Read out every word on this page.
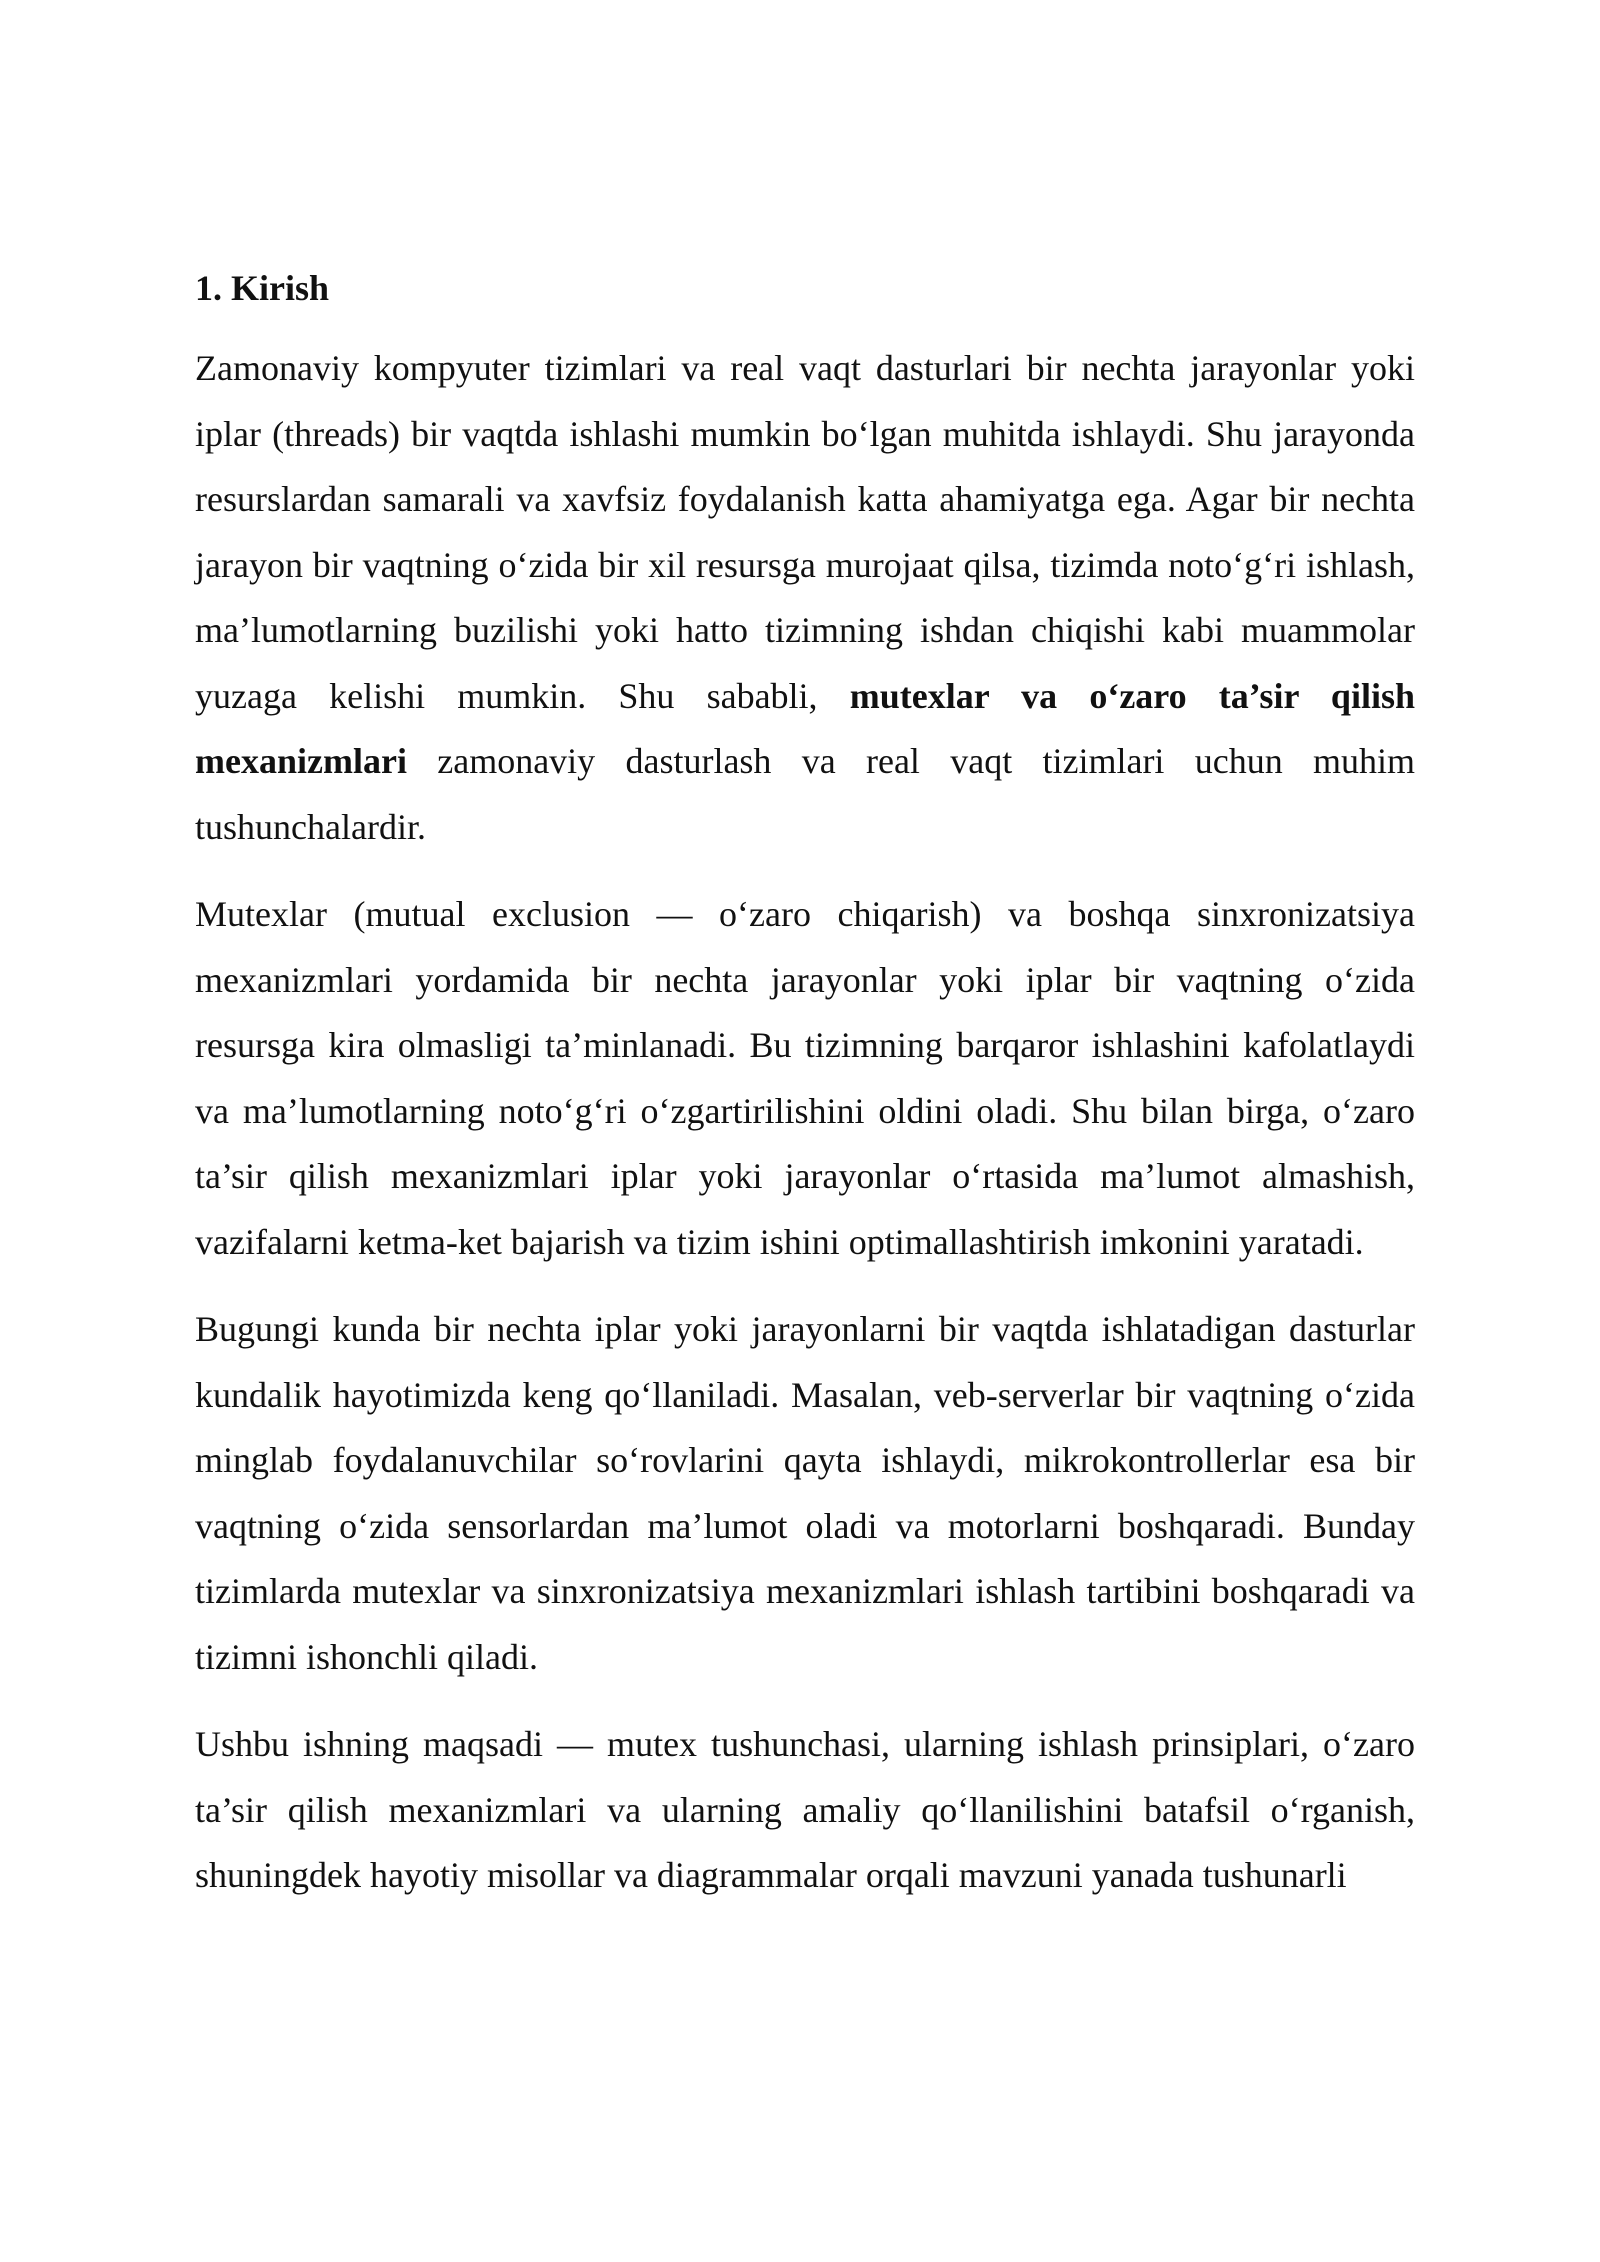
1. Kirish

Zamonaviy kompyuter tizimlari va real vaqt dasturlari bir nechta jarayonlar yoki iplar (threads) bir vaqtda ishlashi mumkin bo‘lgan muhitda ishlaydi. Shu jarayonda resurslardan samarali va xavfsiz foydalanish katta ahamiyatga ega. Agar bir nechta jarayon bir vaqtning o‘zida bir xil resursga murojaat qilsa, tizimda noto‘g‘ri ishlash, ma’lumotlarning buzilishi yoki hatto tizimning ishdan chiqishi kabi muammolar yuzaga kelishi mumkin. Shu sababli, mutexlar va o‘zaro ta’sir qilish mexanizmlari zamonaviy dasturlash va real vaqt tizimlari uchun muhim tushunchalardir.

Mutexlar (mutual exclusion — o‘zaro chiqarish) va boshqa sinxronizatsiya mexanizmlari yordamida bir nechta jarayonlar yoki iplar bir vaqtning o‘zida resursga kira olmasligi ta’minlanadi. Bu tizimning barqaror ishlashini kafolatlaydi va ma’lumotlarning noto‘g‘ri o‘zgartirilishini oldini oladi. Shu bilan birga, o‘zaro ta’sir qilish mexanizmlari iplar yoki jarayonlar o‘rtasida ma’lumot almashish, vazifalarni ketma-ket bajarish va tizim ishini optimallashtirish imkonini yaratadi.

Bugungi kunda bir nechta iplar yoki jarayonlarni bir vaqtda ishlatadigan dasturlar kundalik hayotimizda keng qo‘llaniladi. Masalan, veb-serverlar bir vaqtning o‘zida minglab foydalanuvchilar so‘rovlarini qayta ishlaydi, mikrokontrollerlar esa bir vaqtning o‘zida sensorlardan ma’lumot oladi va motorlarni boshqaradi. Bunday tizimlarda mutexlar va sinxronizatsiya mexanizmlari ishlash tartibini boshqaradi va tizimni ishonchli qiladi.

Ushbu ishning maqsadi — mutex tushunchasi, ularning ishlash prinsiplari, o‘zaro ta’sir qilish mexanizmlari va ularning amaliy qo‘llanilishini batafsil o‘rganish, shuningdek hayotiy misollar va diagrammalar orqali mavzuni yanada tushunarli
